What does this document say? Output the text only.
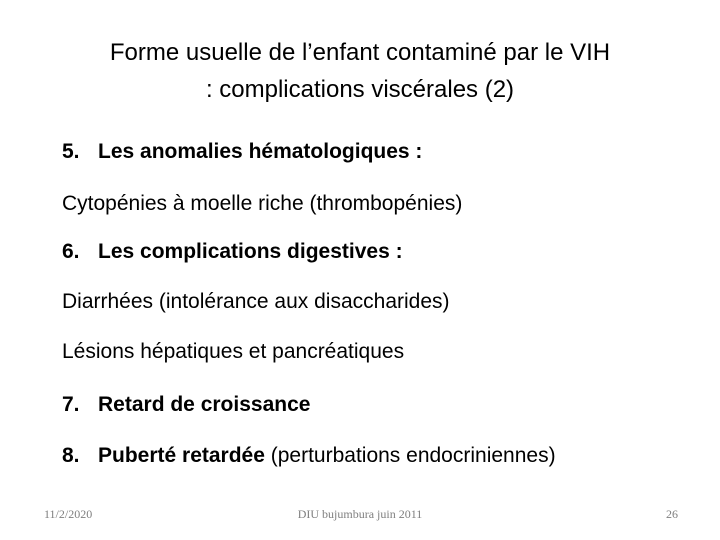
Forme usuelle de l’enfant contaminé par le VIH
: complications viscérales (2)
5. Les anomalies hématologiques :
Cytopénies à moelle riche (thrombopénies)
6. Les complications digestives :
Diarrhées (intolérance aux disaccharides)
Lésions hépatiques et pancréatiques
7. Retard de croissance
8. Puberté retardée (perturbations endocriniennes)
11/2/2020	DIU bujumbura juin 2011	26
